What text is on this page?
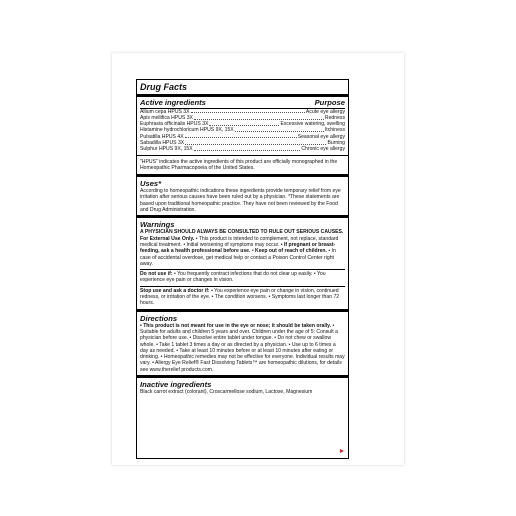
Drug Facts
Active ingredients	Purpose
Allium cepa HPUS 3X	Acute eye allergy
Apis mellifica HPUS 3X	Redness
Euphrasia officinalis HPUS 3X	Excessive watering, swelling
Histamine hydrochloricum HPUS 9X, 15X	Itchiness
Pulsatilla HPUS 4X	Seasonal eye allergy
Sabadilla HPUS 3X	Burning
Sulphur HPUS 9X, 15X	Chronic eye allergy

"HPUS" indicates the active ingredients of this product are officially monographed in the Homeopathic Pharmacopoeia of the United States.

Uses*

According to homeopathic indications these ingredients provide temporary relief from eye irritation after serious causes have been ruled out by a physician. *These statements are based upon traditional homeopathic practice. They have not been reviewed by the Food and Drug Administration.

Warnings

A PHYSICIAN SHOULD ALWAYS BE CONSULTED TO RULE OUT SERIOUS CAUSES. For External Use Only. • This product is intended to complement, not replace, standard medical treatment. • Initial worsening of symptoms may occur. • If pregnant or breast-feeding, ask a health professional before use. • Keep out of reach of children. • In case of accidental overdose, get medical help or contact a Poison Control Center right away.

Do not use if: • You frequently contract infections that do not clear up easily. • You experience eye pain or changes in vision.

Stop use and ask a doctor if: • You experience eye pain or change in vision, continued redness, or irritation of the eye. • The condition worsens. • Symptoms last longer than 72 hours.

Directions

• This product is not meant for use in the eye or nose; it should be taken orally. • Suitable for adults and children 5 years and over. Children under the age of 5: Consult a physician before use. • Dissolve entire tablet under tongue. • Do not chew or swallow whole. • Take 1 tablet 3 times a day or as directed by a physician. • Use up to 6 times a day as needed. • Take at least 10 minutes before or at least 10 minutes after eating or drinking. • Homeopathic remedies may not be effective for everyone. Individual results may vary. • Allergy Eye Relief® Fast Dissolving Tablets™ are homeopathic dilutions, for details see www.therelief products.com.

Inactive ingredients

Black carrot extract (colorant), Croscarmellose sodium, Lactose, Magnesium
